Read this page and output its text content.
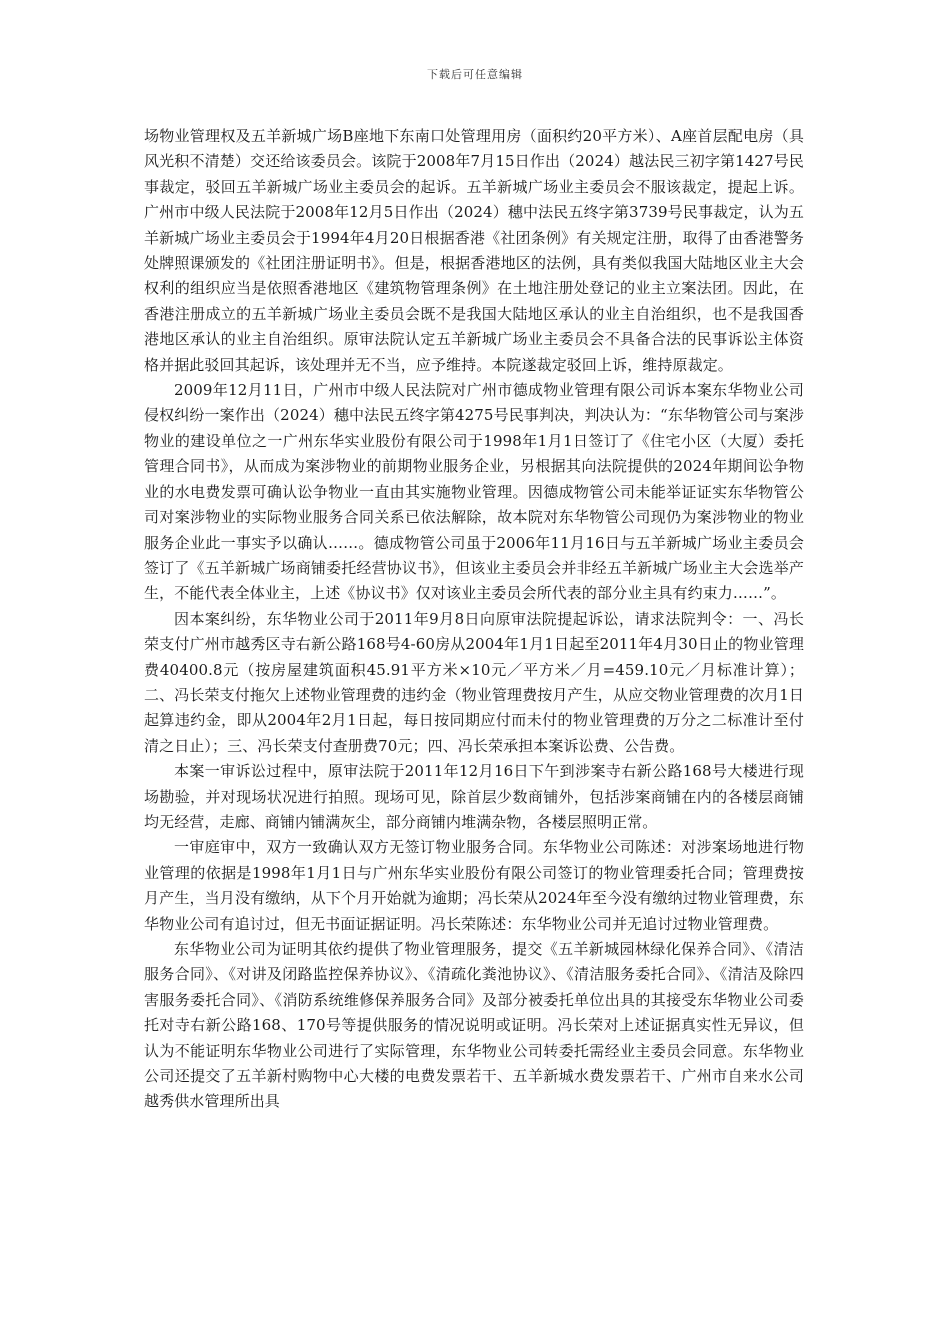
下载后可任意编辑

场物业管理权及五羊新城广场B座地下东南口处管理用房（面积约20平方米）、A座首层配电房（具风光积不清楚）交还给该委员会。该院于2008年7月15日作出（2024）越法民三初字第1427号民事裁定，驳回五羊新城广场业主委员会的起诉。五羊新城广场业主委员会不服该裁定，提起上诉。广州市中级人民法院于2008年12月5日作出（2024）穗中法民五终字第3739号民事裁定，认为五羊新城广场业主委员会于1994年4月20日根据香港《社团条例》有关规定注册，取得了由香港警务处牌照课颁发的《社团注册证明书》。但是，根据香港地区的法例，具有类似我国大陆地区业主大会权利的组织应当是依照香港地区《建筑物管理条例》在土地注册处登记的业主立案法团。因此，在香港注册成立的五羊新城广场业主委员会既不是我国大陆地区承认的业主自治组织，也不是我国香港地区承认的业主自治组织。原审法院认定五羊新城广场业主委员会不具备合法的民事诉讼主体资格并据此驳回其起诉，该处理并无不当，应予维持。本院遂裁定驳回上诉，维持原裁定。

2009年12月11日，广州市中级人民法院对广州市德成物业管理有限公司诉本案东华物业公司侵权纠纷一案作出（2024）穗中法民五终字第4275号民事判决，判决认为：“东华物管公司与案涉物业的建设单位之一广州东华实业股份有限公司于1998年1月1日签订了《住宅小区（大厦）委托管理合同书》，从而成为案涉物业的前期物业服务企业，另根据其向法院提供的2024年期间讼争物业的水电费发票可确认讼争物业一直由其实施物业管理。因德成物管公司未能举证证实东华物管公司对案涉物业的实际物业服务合同关系已依法解除，故本院对东华物管公司现仍为案涉物业的物业服务企业此一事实予以确认……。德成物管公司虽于2006年11月16日与五羊新城广场业主委员会签订了《五羊新城广场商铺委托经营协议书》，但该业主委员会并非经五羊新城广场业主大会选举产生，不能代表全体业主，上述《协议书》仅对该业主委员会所代表的部分业主具有约束力……”。

因本案纠纷，东华物业公司于2011年9月8日向原审法院提起诉讼，请求法院判令：一、冯长荣支付广州市越秀区寺右新公路168号4-60房从2004年1月1日起至2011年4月30日止的物业管理费40400.8元（按房屋建筑面积45.91平方米×10元／平方米／月=459.10元／月标准计算）；二、冯长荣支付拖欠上述物业管理费的违约金（物业管理费按月产生，从应交物业管理费的次月1日起算违约金，即从2004年2月1日起，每日按同期应付而未付的物业管理费的万分之二标准计至付清之日止）；三、冯长荣支付查册费70元；四、冯长荣承担本案诉讼费、公告费。

本案一审诉讼过程中，原审法院于2011年12月16日下午到涉案寺右新公路168号大楼进行现场勘验，并对现场状况进行拍照。现场可见，除首层少数商铺外，包括涉案商铺在内的各楼层商铺均无经营，走廊、商铺内铺满灰尘，部分商铺内堆满杂物，各楼层照明正常。

一审庭审中，双方一致确认双方无签订物业服务合同。东华物业公司陈述：对涉案场地进行物业管理的依据是1998年1月1日与广州东华实业股份有限公司签订的物业管理委托合同；管理费按月产生，当月没有缴纳，从下个月开始就为逾期；冯长荣从2024年至今没有缴纳过物业管理费，东华物业公司有追讨过，但无书面证据证明。冯长荣陈述：东华物业公司并无追讨过物业管理费。

东华物业公司为证明其依约提供了物业管理服务，提交《五羊新城园林绿化保养合同》、《清洁服务合同》、《对讲及闭路监控保养协议》、《清疏化粪池协议》、《清洁服务委托合同》、《清洁及除四害服务委托合同》、《消防系统维修保养服务合同》及部分被委托单位出具的其接受东华物业公司委托对寺右新公路168、170号等提供服务的情况说明或证明。冯长荣对上述证据真实性无异议，但认为不能证明东华物业公司进行了实际管理，东华物业公司转委托需经业主委员会同意。东华物业公司还提交了五羊新村购物中心大楼的电费发票若干、五羊新城水费发票若干、广州市自来水公司越秀供水管理所出具
